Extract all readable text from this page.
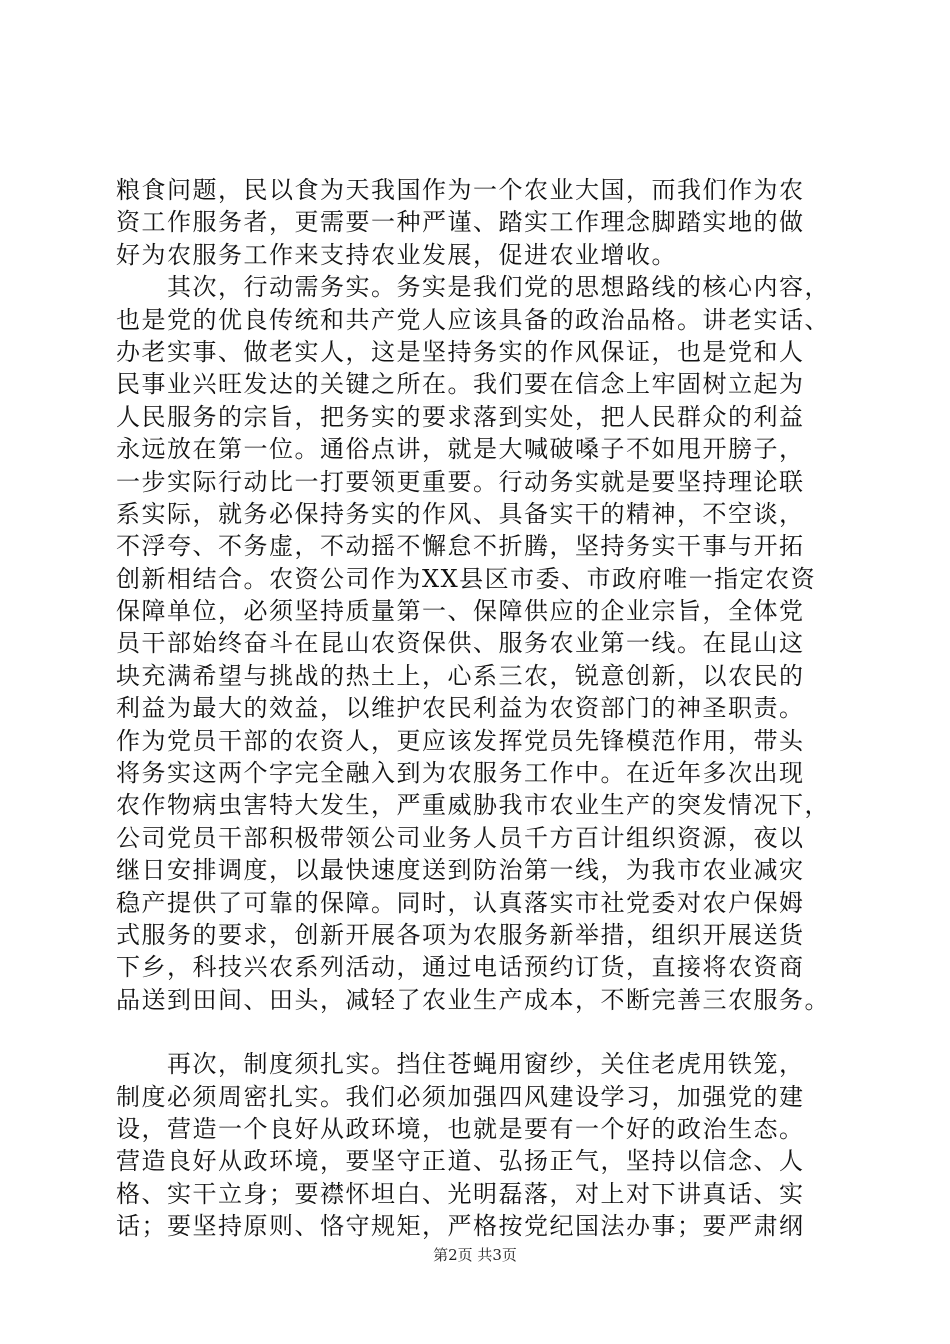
粮食问题，民以食为天我国作为一个农业大国，而我们作为农
资工作服务者，更需要一种严谨、踏实工作理念脚踏实地的做
好为农服务工作来支持农业发展，促进农业增收。
　　其次，行动需务实。务实是我们党的思想路线的核心内容，
也是党的优良传统和共产党人应该具备的政治品格。讲老实话、
办老实事、做老实人，这是坚持务实的作风保证，也是党和人
民事业兴旺发达的关键之所在。我们要在信念上牢固树立起为
人民服务的宗旨，把务实的要求落到实处，把人民群众的利益
永远放在第一位。通俗点讲，就是大喊破嗓子不如甩开膀子，
一步实际行动比一打要领更重要。行动务实就是要坚持理论联
系实际，就务必保持务实的作风、具备实干的精神，不空谈，
不浮夸、不务虚，不动摇不懈怠不折腾，坚持务实干事与开拓
创新相结合。农资公司作为XX县区市委、市政府唯一指定农资
保障单位，必须坚持质量第一、保障供应的企业宗旨，全体党
员干部始终奋斗在昆山农资保供、服务农业第一线。在昆山这
块充满希望与挑战的热土上，心系三农，锐意创新，以农民的
利益为最大的效益，以维护农民利益为农资部门的神圣职责。
作为党员干部的农资人，更应该发挥党员先锋模范作用，带头
将务实这两个字完全融入到为农服务工作中。在近年多次出现
农作物病虫害特大发生，严重威胁我市农业生产的突发情况下，
公司党员干部积极带领公司业务人员千方百计组织资源，夜以
继日安排调度，以最快速度送到防治第一线，为我市农业减灾
稳产提供了可靠的保障。同时，认真落实市社党委对农户保姆
式服务的要求，创新开展各项为农服务新举措，组织开展送货
下乡，科技兴农系列活动，通过电话预约订货，直接将农资商
品送到田间、田头，减轻了农业生产成本，不断完善三农服务。
　　再次，制度须扎实。挡住苍蝇用窗纱，关住老虎用铁笼，
制度必须周密扎实。我们必须加强四风建设学习，加强党的建
设，营造一个良好从政环境，也就是要有一个好的政治生态。
营造良好从政环境，要坚守正道、弘扬正气，坚持以信念、人
格、实干立身；要襟怀坦白、光明磊落，对上对下讲真话、实
话；要坚持原则、恪守规矩，严格按党纪国法办事；要严肃纲
第2页 共3页
